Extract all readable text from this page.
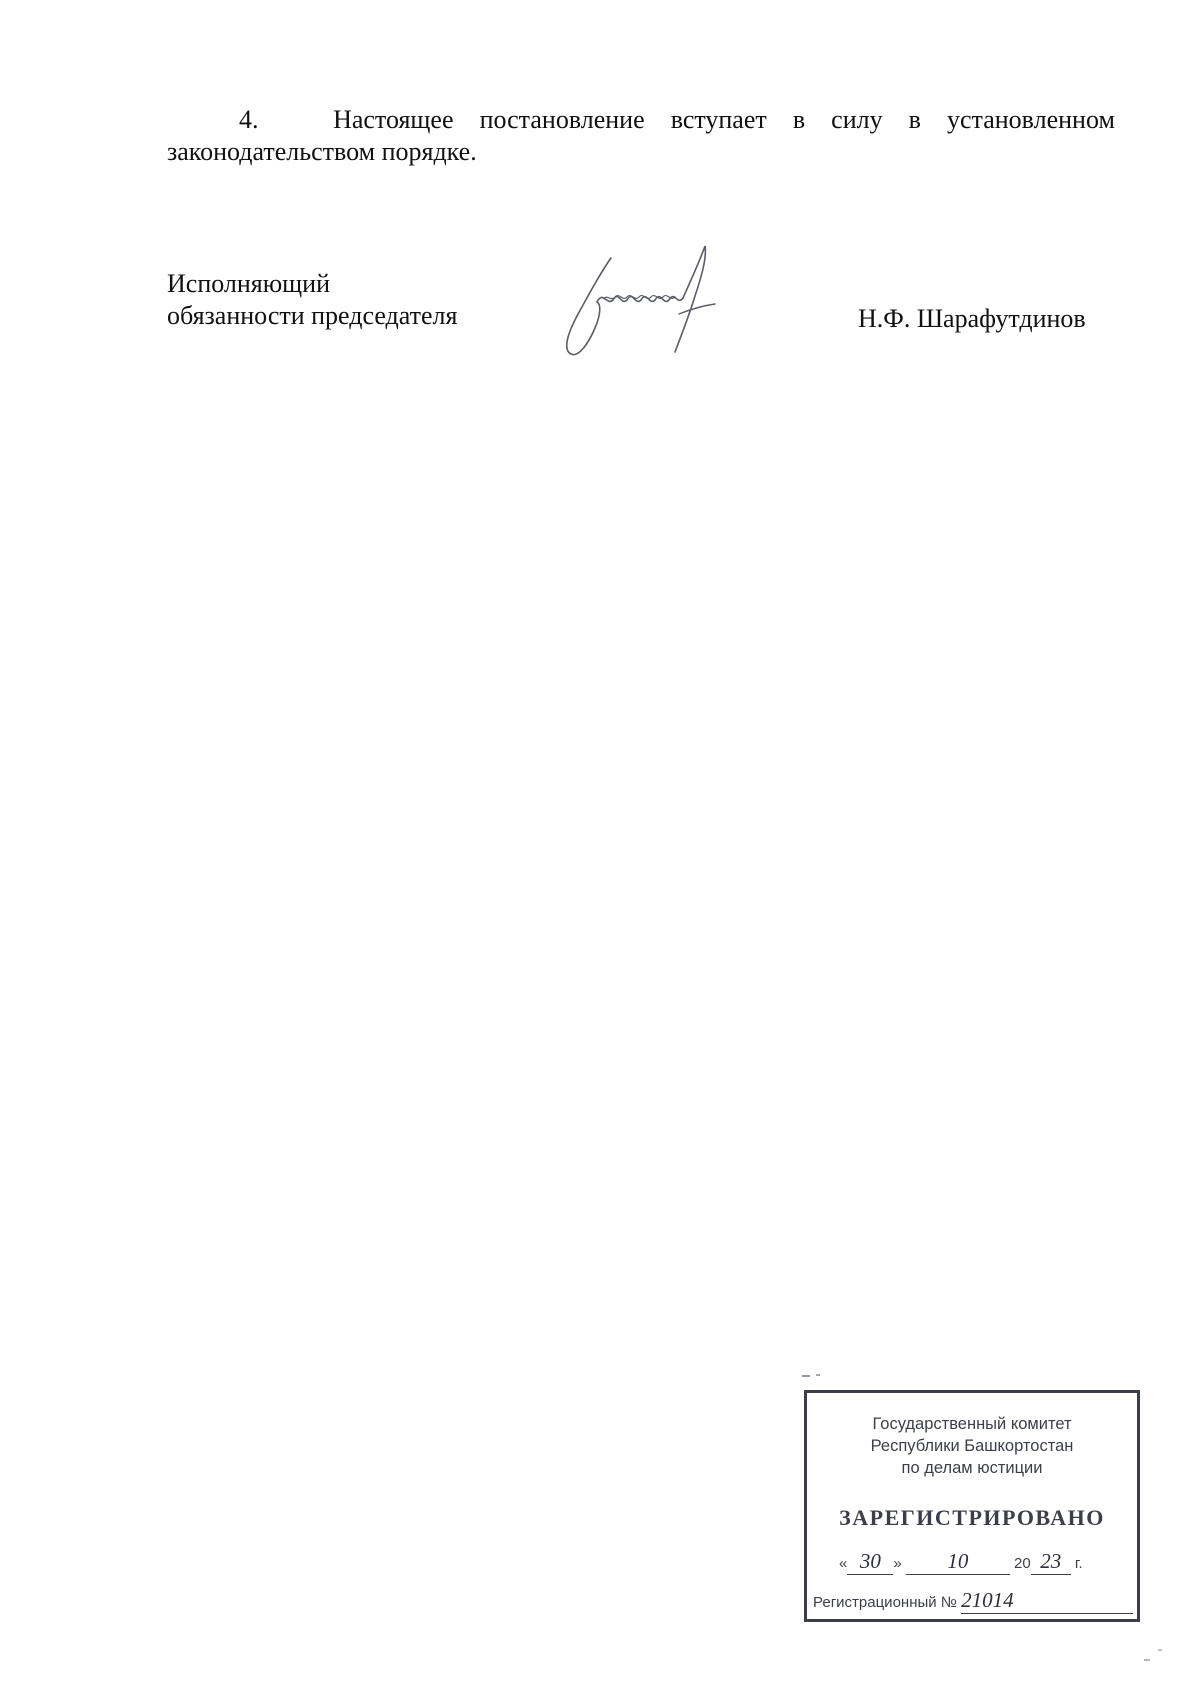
4.	Настоящее постановление вступает в силу в установленном
законодательством порядке.
Исполняющий
обязанности председателя	Н.Ф. Шарафутдинов
Государственный комитет
Республики Башкортостан
по делам юстиции
ЗАРЕГИСТРИРОВАНО
« 30 » 10	20 23 г.
Регистрационный № 21014
